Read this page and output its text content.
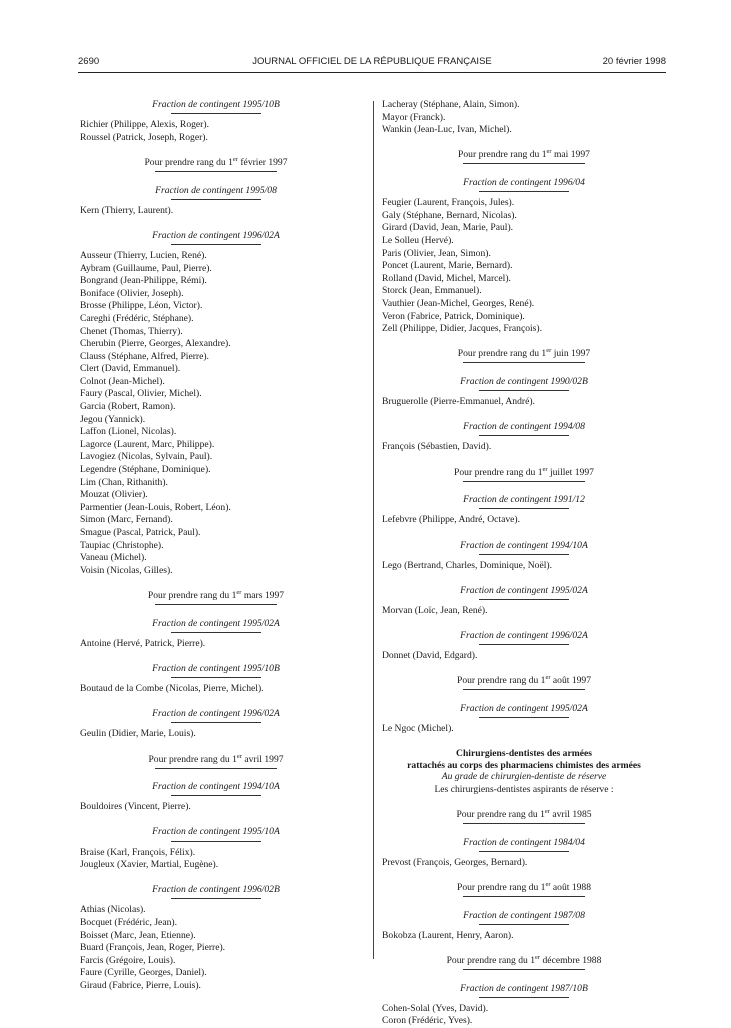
2690	JOURNAL OFFICIEL DE LA RÉPUBLIQUE FRANÇAISE	20 février 1998
Fraction de contingent 1995/10B
Richier (Philippe, Alexis, Roger).
Roussel (Patrick, Joseph, Roger).
Pour prendre rang du 1er février 1997
Fraction de contingent 1995/08
Kern (Thierry, Laurent).
Fraction de contingent 1996/02A
Ausseur (Thierry, Lucien, René).
Aybram (Guillaume, Paul, Pierre).
Bongrand (Jean-Philippe, Rémi).
Boniface (Olivier, Joseph).
Brosse (Philippe, Léon, Victor).
Careghi (Frédéric, Stéphane).
Chenet (Thomas, Thierry).
Cherubin (Pierre, Georges, Alexandre).
Clauss (Stéphane, Alfred, Pierre).
Clert (David, Emmanuel).
Colnot (Jean-Michel).
Faury (Pascal, Olivier, Michel).
Garcia (Robert, Ramon).
Jegou (Yannick).
Laffon (Lionel, Nicolas).
Lagorce (Laurent, Marc, Philippe).
Lavogiez (Nicolas, Sylvain, Paul).
Legendre (Stéphane, Dominique).
Lim (Chan, Rithanith).
Mouzat (Olivier).
Parmentier (Jean-Louis, Robert, Léon).
Simon (Marc, Fernand).
Smague (Pascal, Patrick, Paul).
Taupiac (Christophe).
Vaneau (Michel).
Voisin (Nicolas, Gilles).
Pour prendre rang du 1er mars 1997
Fraction de contingent 1995/02A
Antoine (Hervé, Patrick, Pierre).
Fraction de contingent 1995/10B
Boutaud de la Combe (Nicolas, Pierre, Michel).
Fraction de contingent 1996/02A
Geulin (Didier, Marie, Louis).
Pour prendre rang du 1er avril 1997
Fraction de contingent 1994/10A
Bouldoires (Vincent, Pierre).
Fraction de contingent 1995/10A
Braise (Karl, François, Félix).
Jougleux (Xavier, Martial, Eugène).
Fraction de contingent 1996/02B
Athias (Nicolas).
Bocquet (Frédéric, Jean).
Boisset (Marc, Jean, Etienne).
Buard (François, Jean, Roger, Pierre).
Farcis (Grégoire, Louis).
Faure (Cyrille, Georges, Daniel).
Giraud (Fabrice, Pierre, Louis).
Lacheray (Stéphane, Alain, Simon).
Mayor (Franck).
Wankin (Jean-Luc, Ivan, Michel).
Pour prendre rang du 1er mai 1997
Fraction de contingent 1996/04
Feugier (Laurent, François, Jules).
Galy (Stéphane, Bernard, Nicolas).
Girard (David, Jean, Marie, Paul).
Le Solleu (Hervé).
Paris (Olivier, Jean, Simon).
Poncet (Laurent, Marie, Bernard).
Rolland (David, Michel, Marcel).
Storck (Jean, Emmanuel).
Vauthier (Jean-Michel, Georges, René).
Veron (Fabrice, Patrick, Dominique).
Zell (Philippe, Didier, Jacques, François).
Pour prendre rang du 1er juin 1997
Fraction de contingent 1990/02B
Bruguerolle (Pierre-Emmanuel, André).
Fraction de contingent 1994/08
François (Sébastien, David).
Pour prendre rang du 1er juillet 1997
Fraction de contingent 1991/12
Lefebvre (Philippe, André, Octave).
Fraction de contingent 1994/10A
Lego (Bertrand, Charles, Dominique, Noël).
Fraction de contingent 1995/02A
Morvan (Loïc, Jean, René).
Fraction de contingent 1996/02A
Donnet (David, Edgard).
Pour prendre rang du 1er août 1997
Fraction de contingent 1995/02A
Le Ngoc (Michel).
Chirurgiens-dentistes des armées
rattachés au corps des pharmaciens chimistes des armées
Au grade de chirurgien-dentiste de réserve
Les chirurgiens-dentistes aspirants de réserve :
Pour prendre rang du 1er avril 1985
Fraction de contingent 1984/04
Prevost (François, Georges, Bernard).
Pour prendre rang du 1er août 1988
Fraction de contingent 1987/08
Bokobza (Laurent, Henry, Aaron).
Pour prendre rang du 1er décembre 1988
Fraction de contingent 1987/10B
Cohen-Solal (Yves, David).
Coron (Frédéric, Yves).
